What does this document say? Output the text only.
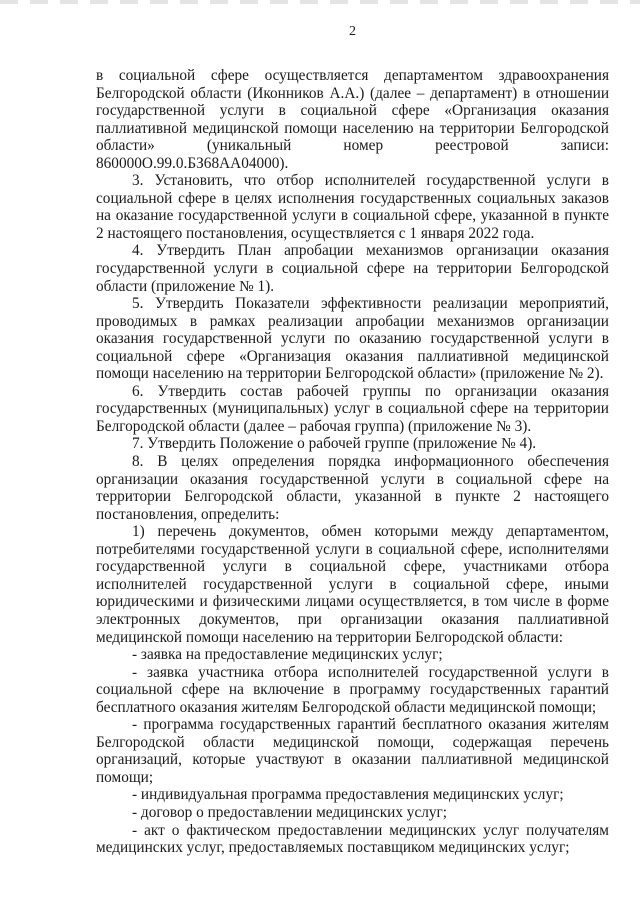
2

в социальной сфере осуществляется департаментом здравоохранения Белгородской области (Иконников А.А.) (далее – департамент) в отношении государственной услуги в социальной сфере «Организация оказания паллиативной медицинской помощи населению на территории Белгородской области» (уникальный номер реестровой записи: 860000О.99.0.БЗ68АА04000).

3. Установить, что отбор исполнителей государственной услуги в социальной сфере в целях исполнения государственных социальных заказов на оказание государственной услуги в социальной сфере, указанной в пункте 2 настоящего постановления, осуществляется с 1 января 2022 года.

4. Утвердить План апробации механизмов организации оказания государственной услуги в социальной сфере на территории Белгородской области (приложение № 1).

5. Утвердить Показатели эффективности реализации мероприятий, проводимых в рамках реализации апробации механизмов организации оказания государственной услуги по оказанию государственной услуги в социальной сфере «Организация оказания паллиативной медицинской помощи населению на территории Белгородской области» (приложение № 2).

6. Утвердить состав рабочей группы по организации оказания государственных (муниципальных) услуг в социальной сфере на территории Белгородской области (далее – рабочая группа) (приложение № 3).

7. Утвердить Положение о рабочей группе (приложение № 4).

8. В целях определения порядка информационного обеспечения организации оказания государственной услуги в социальной сфере на территории Белгородской области, указанной в пункте 2 настоящего постановления, определить:

1) перечень документов, обмен которыми между департаментом, потребителями государственной услуги в социальной сфере, исполнителями государственной услуги в социальной сфере, участниками отбора исполнителей государственной услуги в социальной сфере, иными юридическими и физическими лицами осуществляется, в том числе в форме электронных документов, при организации оказания паллиативной медицинской помощи населению на территории Белгородской области:

- заявка на предоставление медицинских услуг;

- заявка участника отбора исполнителей государственной услуги в социальной сфере на включение в программу государственных гарантий бесплатного оказания жителям Белгородской области медицинской помощи;

- программа государственных гарантий бесплатного оказания жителям Белгородской области медицинской помощи, содержащая перечень организаций, которые участвуют в оказании паллиативной медицинской помощи;

- индивидуальная программа предоставления медицинских услуг;

- договор о предоставлении медицинских услуг;

- акт о фактическом предоставлении медицинских услуг получателям медицинских услуг, предоставляемых поставщиком медицинских услуг;
